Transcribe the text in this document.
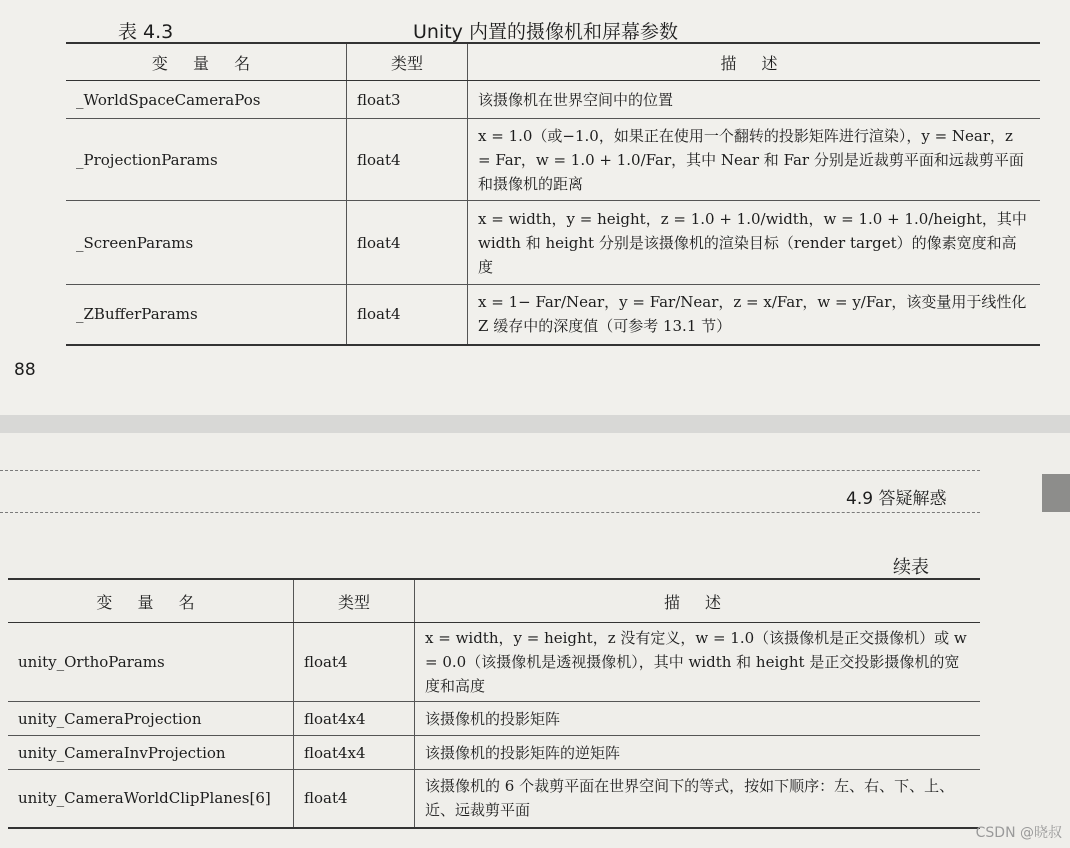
表 4.3	Unity 内置的摄像机和屏幕参数
变 量 名	类型	描 述
_WorldSpaceCameraPos	float3	该摄像机在世界空间中的位置
_ProjectionParams	float4	x = 1.0（或−1.0，如果正在使用一个翻转的投影矩阵进行渲染），y = Near，z = Far，w = 1.0 + 1.0/Far，其中 Near 和 Far 分别是近裁剪平面和远裁剪平面和摄像机的距离
_ScreenParams	float4	x = width，y = height，z = 1.0 + 1.0/width，w = 1.0 + 1.0/height，其中 width 和 height 分别是该摄像机的渲染目标（render target）的像素宽度和高度
_ZBufferParams	float4	x = 1− Far/Near，y = Far/Near，z = x/Far，w = y/Far，该变量用于线性化 Z 缓存中的深度值（可参考 13.1 节）
88
4.9 答疑解惑
续表
变 量 名	类型	描 述
unity_OrthoParams	float4	x = width，y = height，z 没有定义，w = 1.0（该摄像机是正交摄像机）或 w = 0.0（该摄像机是透视摄像机），其中 width 和 height 是正交投影摄像机的宽度和高度
unity_CameraProjection	float4x4	该摄像机的投影矩阵
unity_CameraInvProjection	float4x4	该摄像机的投影矩阵的逆矩阵
unity_CameraWorldClipPlanes[6]	float4	该摄像机的 6 个裁剪平面在世界空间下的等式，按如下顺序：左、右、下、上、近、远裁剪平面
CSDN @晓叔
